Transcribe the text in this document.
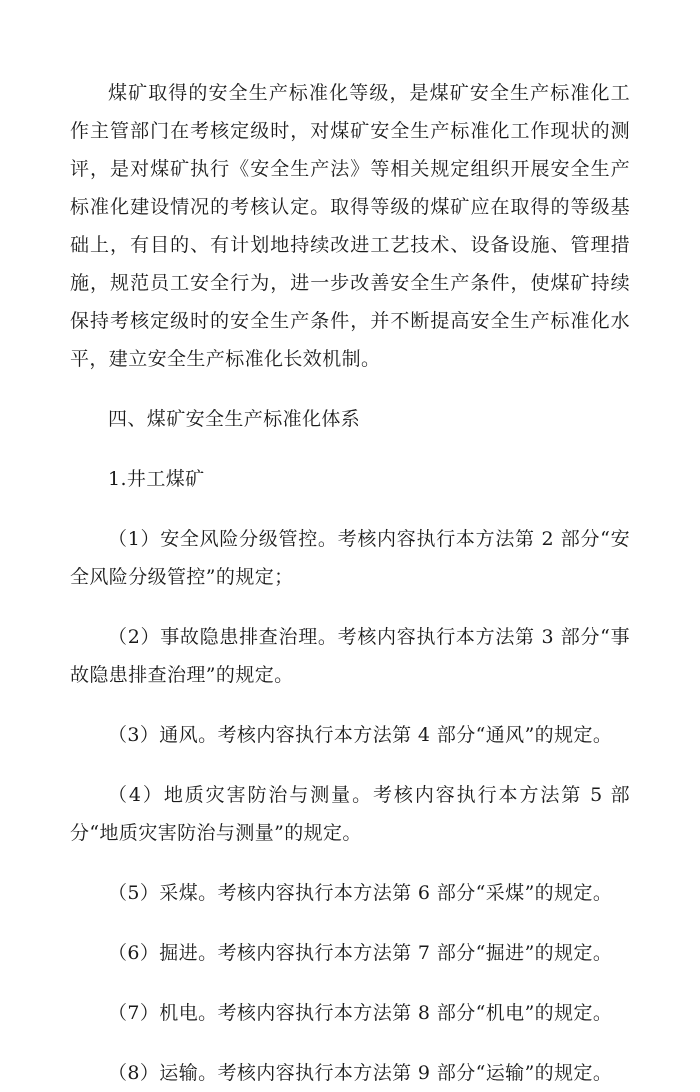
煤矿取得的安全生产标准化等级，是煤矿安全生产标准化工作主管部门在考核定级时，对煤矿安全生产标准化工作现状的测评，是对煤矿执行《安全生产法》等相关规定组织开展安全生产标准化建设情况的考核认定。取得等级的煤矿应在取得的等级基础上，有目的、有计划地持续改进工艺技术、设备设施、管理措施，规范员工安全行为，进一步改善安全生产条件，使煤矿持续保持考核定级时的安全生产条件，并不断提高安全生产标准化水平，建立安全生产标准化长效机制。

四、煤矿安全生产标准化体系

1.井工煤矿

（1）安全风险分级管控。考核内容执行本方法第 2 部分“安全风险分级管控”的规定；

（2）事故隐患排查治理。考核内容执行本方法第 3 部分“事故隐患排查治理”的规定。

（3）通风。考核内容执行本方法第 4 部分“通风”的规定。

（4）地质灾害防治与测量。考核内容执行本方法第 5 部分“地质灾害防治与测量”的规定。

（5）采煤。考核内容执行本方法第 6 部分“采煤”的规定。

（6）掘进。考核内容执行本方法第 7 部分“掘进”的规定。

（7）机电。考核内容执行本方法第 8 部分“机电”的规定。

（8）运输。考核内容执行本方法第 9 部分“运输”的规定。
